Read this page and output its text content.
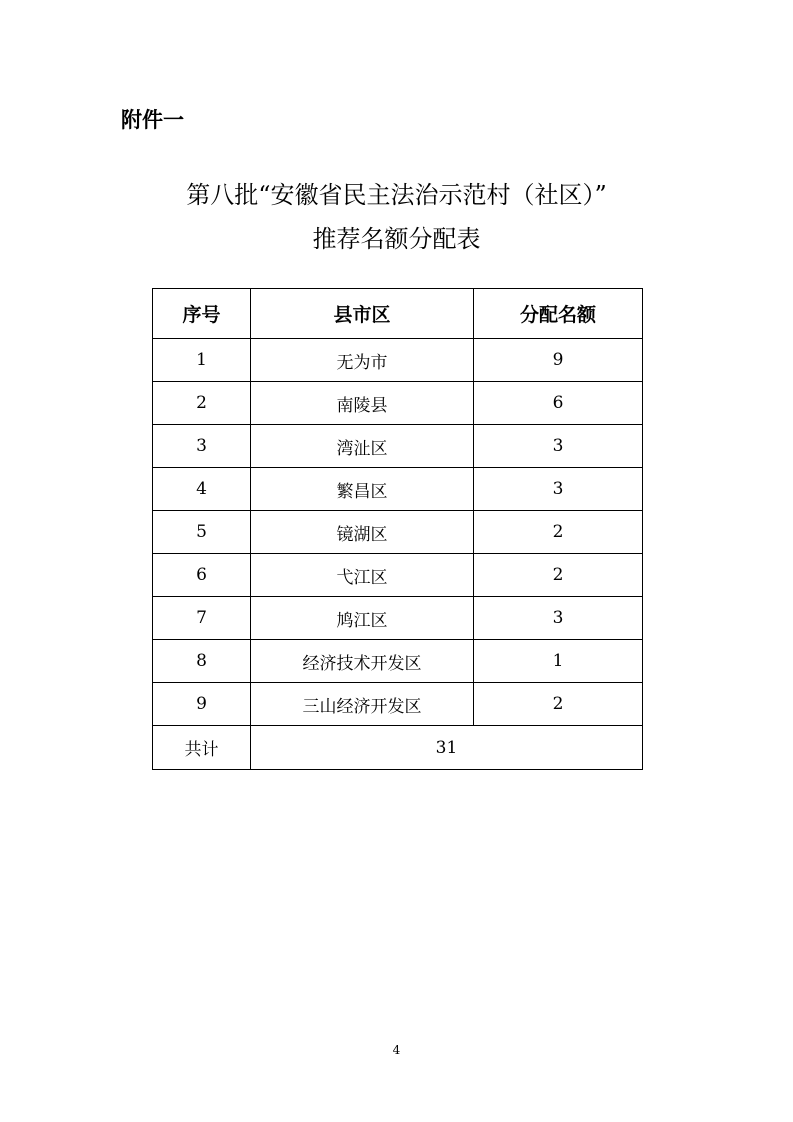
附件一
第八批“安徽省民主法治示范村（社区）”
推荐名额分配表
序号	县市区	分配名额
1	无为市	9
2	南陵县	6
3	湾沚区	3
4	繁昌区	3
5	镜湖区	2
6	弋江区	2
7	鸠江区	3
8	经济技术开发区	1
9	三山经济开发区	2
共计	31	
4
